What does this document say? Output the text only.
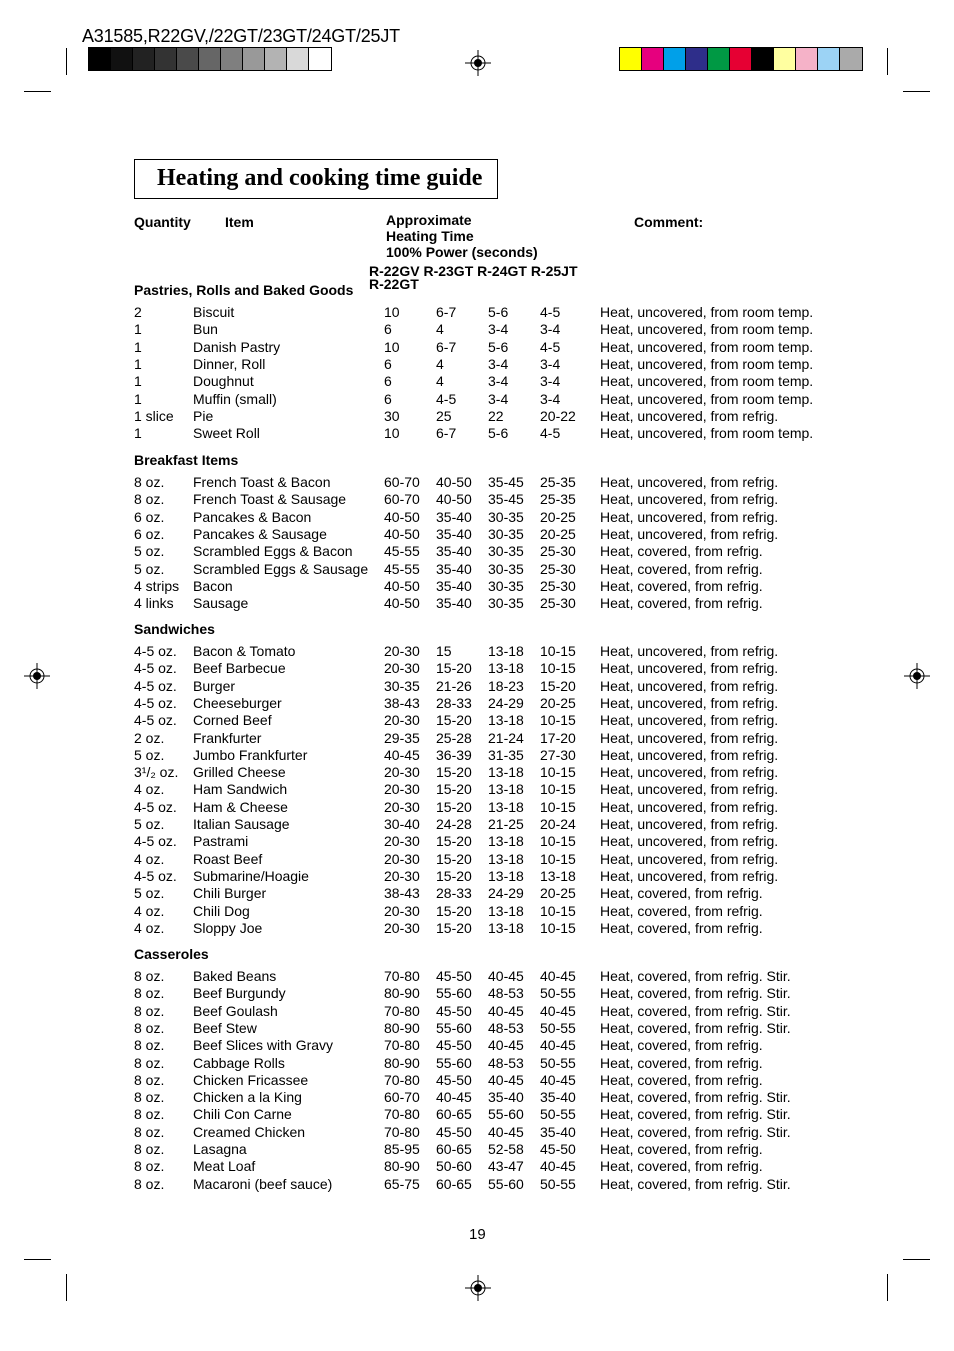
A31585,R22GV,/22GT/23GT/24GT/25JT
Heating and cooking time guide
Quantity Item	Approximate
Heating Time
100% Power (seconds)
R-22GV R-23GT R-24GT R-25JT
R-22GT
Comment:
Pastries, Rolls and Baked Goods
2	Biscuit	10	6-7 5-6 4-5	Heat, uncovered, from room temp.
1	Bun	6	4	3-4 3-4	Heat, uncovered, from room temp.
1	Danish Pastry	10	6-7 5-6 4-5	Heat, uncovered, from room temp.
1	Dinner, Roll	6	4	3-4 3-4	Heat, uncovered, from room temp.
1	Doughnut	6	4	3-4 3-4	Heat, uncovered, from room temp.
1	Muffin (small)	6	4-5 3-4 3-4	Heat, uncovered, from room temp.
1 slice Pie	30	25	22	20-22 Heat, uncovered, from refrig.
1	Sweet Roll	10	6-7 5-6 4-5	Heat, uncovered, from room temp.
Breakfast Items
8 oz. French Toast & Bacon	60-70 40-50 35-45 25-35 Heat, uncovered, from refrig.
8 oz. French Toast & Sausage	60-70 40-50 35-45 25-35 Heat, uncovered, from refrig.
6 oz. Pancakes & Bacon	40-50 35-40 30-35 20-25 Heat, uncovered, from refrig.
6 oz. Pancakes & Sausage	40-50 35-40 30-35 20-25 Heat, uncovered, from refrig.
5 oz. Scrambled Eggs & Bacon 45-55 35-40 30-35 25-30 Heat, covered, from refrig.
5 oz. Scrambled Eggs & Sausage 45-55 35-40 30-35 25-30 Heat, covered, from refrig.
4 strips Bacon	40-50 35-40 30-35 25-30 Heat, covered, from refrig.
4 links Sausage	40-50 35-40 30-35 25-30 Heat, covered, from refrig.
Sandwiches
4-5 oz. Bacon & Tomato	20-30 15	13-18 10-15 Heat, uncovered, from refrig.
4-5 oz. Beef Barbecue	20-30 15-20 13-18 10-15 Heat, uncovered, from refrig.
4-5 oz. Burger	30-35 21-26 18-23 15-20 Heat, uncovered, from refrig.
4-5 oz. Cheeseburger	38-43 28-33 24-29 20-25 Heat, uncovered, from refrig.
4-5 oz. Corned Beef	20-30 15-20 13-18 10-15 Heat, uncovered, from refrig.
2 oz. Frankfurter	29-35 25-28 21-24 17-20 Heat, uncovered, from refrig.
5 oz. Jumbo Frankfurter	40-45 36-39 31-35 27-30 Heat, uncovered, from refrig.
3¹/₂ oz. Grilled Cheese	20-30 15-20 13-18 10-15 Heat, uncovered, from refrig.
4 oz. Ham Sandwich	20-30 15-20 13-18 10-15 Heat, uncovered, from refrig.
4-5 oz. Ham & Cheese	20-30 15-20 13-18 10-15 Heat, uncovered, from refrig.
5 oz. Italian Sausage	30-40 24-28 21-25 20-24 Heat, uncovered, from refrig.
4-5 oz. Pastrami	20-30 15-20 13-18 10-15 Heat, uncovered, from refrig.
4 oz. Roast Beef	20-30 15-20 13-18 10-15 Heat, uncovered, from refrig.
4-5 oz. Submarine/Hoagie	20-30 15-20 13-18 13-18 Heat, uncovered, from refrig.
5 oz. Chili Burger	38-43 28-33 24-29 20-25 Heat, covered, from refrig.
4 oz. Chili Dog	20-30 15-20 13-18 10-15 Heat, covered, from refrig.
4 oz. Sloppy Joe	20-30 15-20 13-18 10-15 Heat, covered, from refrig.
Casseroles
8 oz. Baked Beans	70-80 45-50 40-45 40-45 Heat, covered, from refrig. Stir.
8 oz. Beef Burgundy	80-90 55-60 48-53 50-55 Heat, covered, from refrig. Stir.
8 oz. Beef Goulash	70-80 45-50 40-45 40-45 Heat, covered, from refrig. Stir.
8 oz. Beef Stew	80-90 55-60 48-53 50-55 Heat, covered, from refrig. Stir.
8 oz. Beef Slices with Gravy	70-80 45-50 40-45 40-45 Heat, covered, from refrig.
8 oz. Cabbage Rolls	80-90 55-60 48-53 50-55 Heat, covered, from refrig.
8 oz. Chicken Fricassee	70-80 45-50 40-45 40-45 Heat, covered, from refrig.
8 oz. Chicken a la King	60-70 40-45 35-40 35-40 Heat, covered, from refrig. Stir.
8 oz. Chili Con Carne	70-80 60-65 55-60 50-55 Heat, covered, from refrig. Stir.
8 oz. Creamed Chicken	70-80 45-50 40-45 35-40 Heat, covered, from refrig. Stir.
8 oz. Lasagna	85-95 60-65 52-58 45-50 Heat, covered, from refrig.
8 oz. Meat Loaf	80-90 50-60 43-47 40-45 Heat, covered, from refrig.
8 oz. Macaroni (beef sauce)	65-75 60-65 55-60 50-55 Heat, covered, from refrig. Stir.
19
